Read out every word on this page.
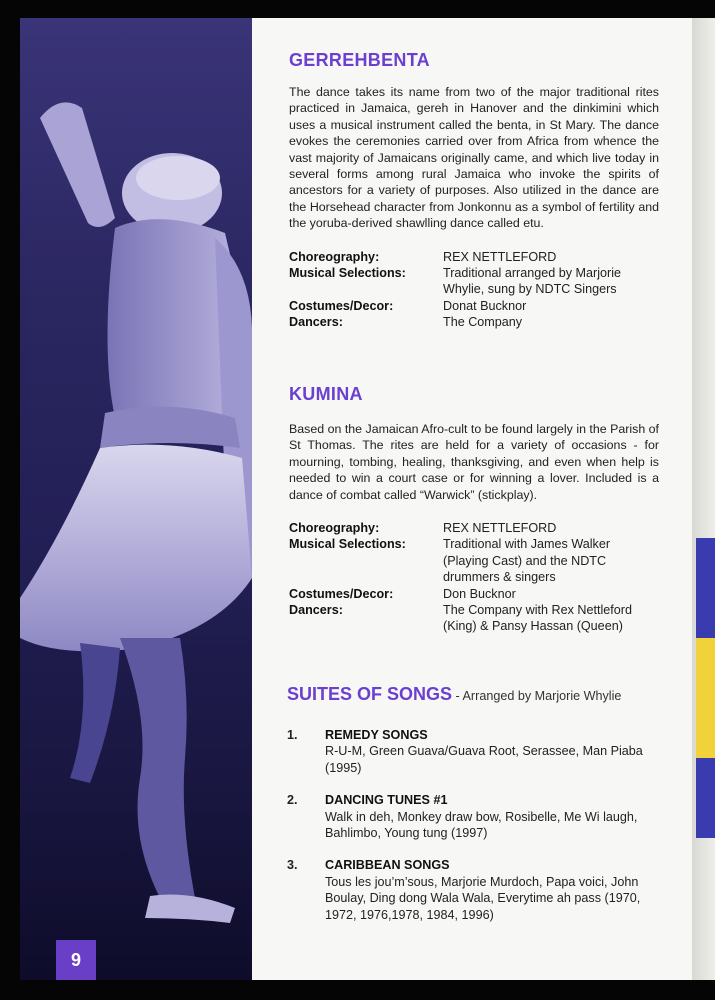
9
GERREHBENTA

The dance takes its name from two of the major traditional rites practiced in Jamaica, gereh in Hanover and the dinkimini which uses a musical instrument called the benta, in St Mary. The dance evokes the ceremonies carried over from Africa from whence the vast majority of Jamaicans originally came, and which live today in several forms among rural Jamaica who invoke the spirits of ancestors for a variety of purposes. Also utilized in the dance are the Horsehead character from Jonkonnu as a symbol of fertility and the yoruba-derived shawlling dance called etu.

Choreography:	REX NETTLEFORD
Musical Selections:	Traditional arranged by Marjorie Whylie, sung by NDTC Singers
Costumes/Decor:	Donat Bucknor
Dancers:	The Company
KUMINA

Based on the Jamaican Afro-cult to be found largely in the Parish of St Thomas. The rites are held for a variety of occasions - for mourning, tombing, healing, thanksgiving, and even when help is needed to win a court case or for winning a lover. Included is a dance of combat called “Warwick” (stickplay).

Choreography:	REX NETTLEFORD
Musical Selections:	Traditional with James Walker (Playing Cast) and the NDTC drummers & singers
Costumes/Decor:	Don Bucknor
Dancers:	The Company with Rex Nettleford (King) & Pansy Hassan (Queen)
SUITES OF SONGS - Arranged by Marjorie Whylie
1.	REMEDY SONGS
R-U-M, Green Guava/Guava Root, Serassee, Man Piaba (1995)
2.	DANCING TUNES #1
Walk in deh, Monkey draw bow, Rosibelle, Me Wi laugh, Bahlimbo, Young tung (1997)
3.	CARIBBEAN SONGS
Tous les jou’m’sous, Marjorie Murdoch, Papa voici, John Boulay, Ding dong Wala Wala, Everytime ah pass (1970, 1972, 1976,1978, 1984, 1996)
